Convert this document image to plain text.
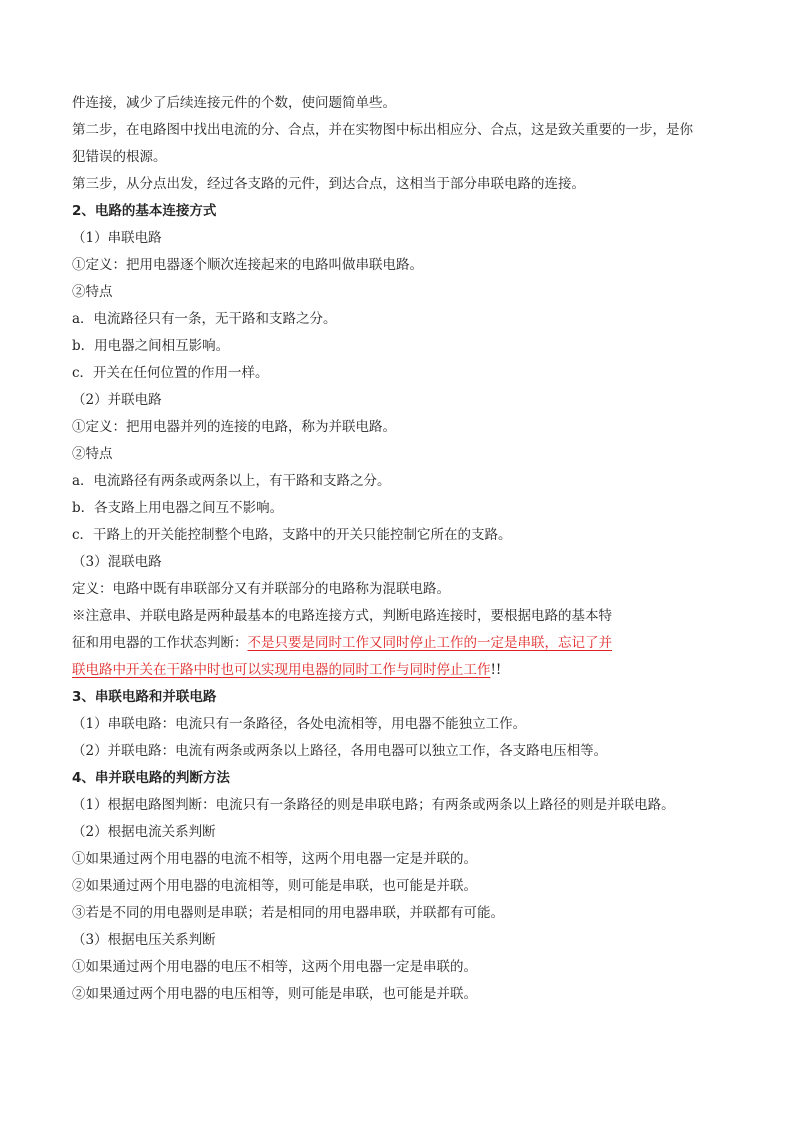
件连接，减少了后续连接元件的个数，使问题简单些。
第二步，在电路图中找出电流的分、合点，并在实物图中标出相应分、合点，这是致关重要的一步，是你
犯错误的根源。
第三步，从分点出发，经过各支路的元件，到达合点，这相当于部分串联电路的连接。
2、电路的基本连接方式
（1）串联电路
①定义：把用电器逐个顺次连接起来的电路叫做串联电路。
②特点
a．电流路径只有一条，无干路和支路之分。
b．用电器之间相互影响。
c．开关在任何位置的作用一样。
（2）并联电路
①定义：把用电器并列的连接的电路，称为并联电路。
②特点
a．电流路径有两条或两条以上，有干路和支路之分。
b．各支路上用电器之间互不影响。
c．干路上的开关能控制整个电路，支路中的开关只能控制它所在的支路。
（3）混联电路
定义：电路中既有串联部分又有并联部分的电路称为混联电路。
※注意串、并联电路是两种最基本的电路连接方式，判断电路连接时，要根据电路的基本特
征和用电器的工作状态判断：不是只要是同时工作又同时停止工作的一定是串联，忘记了并
联电路中开关在干路中时也可以实现用电器的同时工作与同时停止工作!!
3、串联电路和并联电路
（1）串联电路：电流只有一条路径，各处电流相等，用电器不能独立工作。
（2）并联电路：电流有两条或两条以上路径，各用电器可以独立工作，各支路电压相等。
4、串并联电路的判断方法
（1）根据电路图判断：电流只有一条路径的则是串联电路；有两条或两条以上路径的则是并联电路。
（2）根据电流关系判断
①如果通过两个用电器的电流不相等，这两个用电器一定是并联的。
②如果通过两个用电器的电流相等，则可能是串联，也可能是并联。
③若是不同的用电器则是串联；若是相同的用电器串联，并联都有可能。
（3）根据电压关系判断
①如果通过两个用电器的电压不相等，这两个用电器一定是串联的。
②如果通过两个用电器的电压相等，则可能是串联，也可能是并联。
